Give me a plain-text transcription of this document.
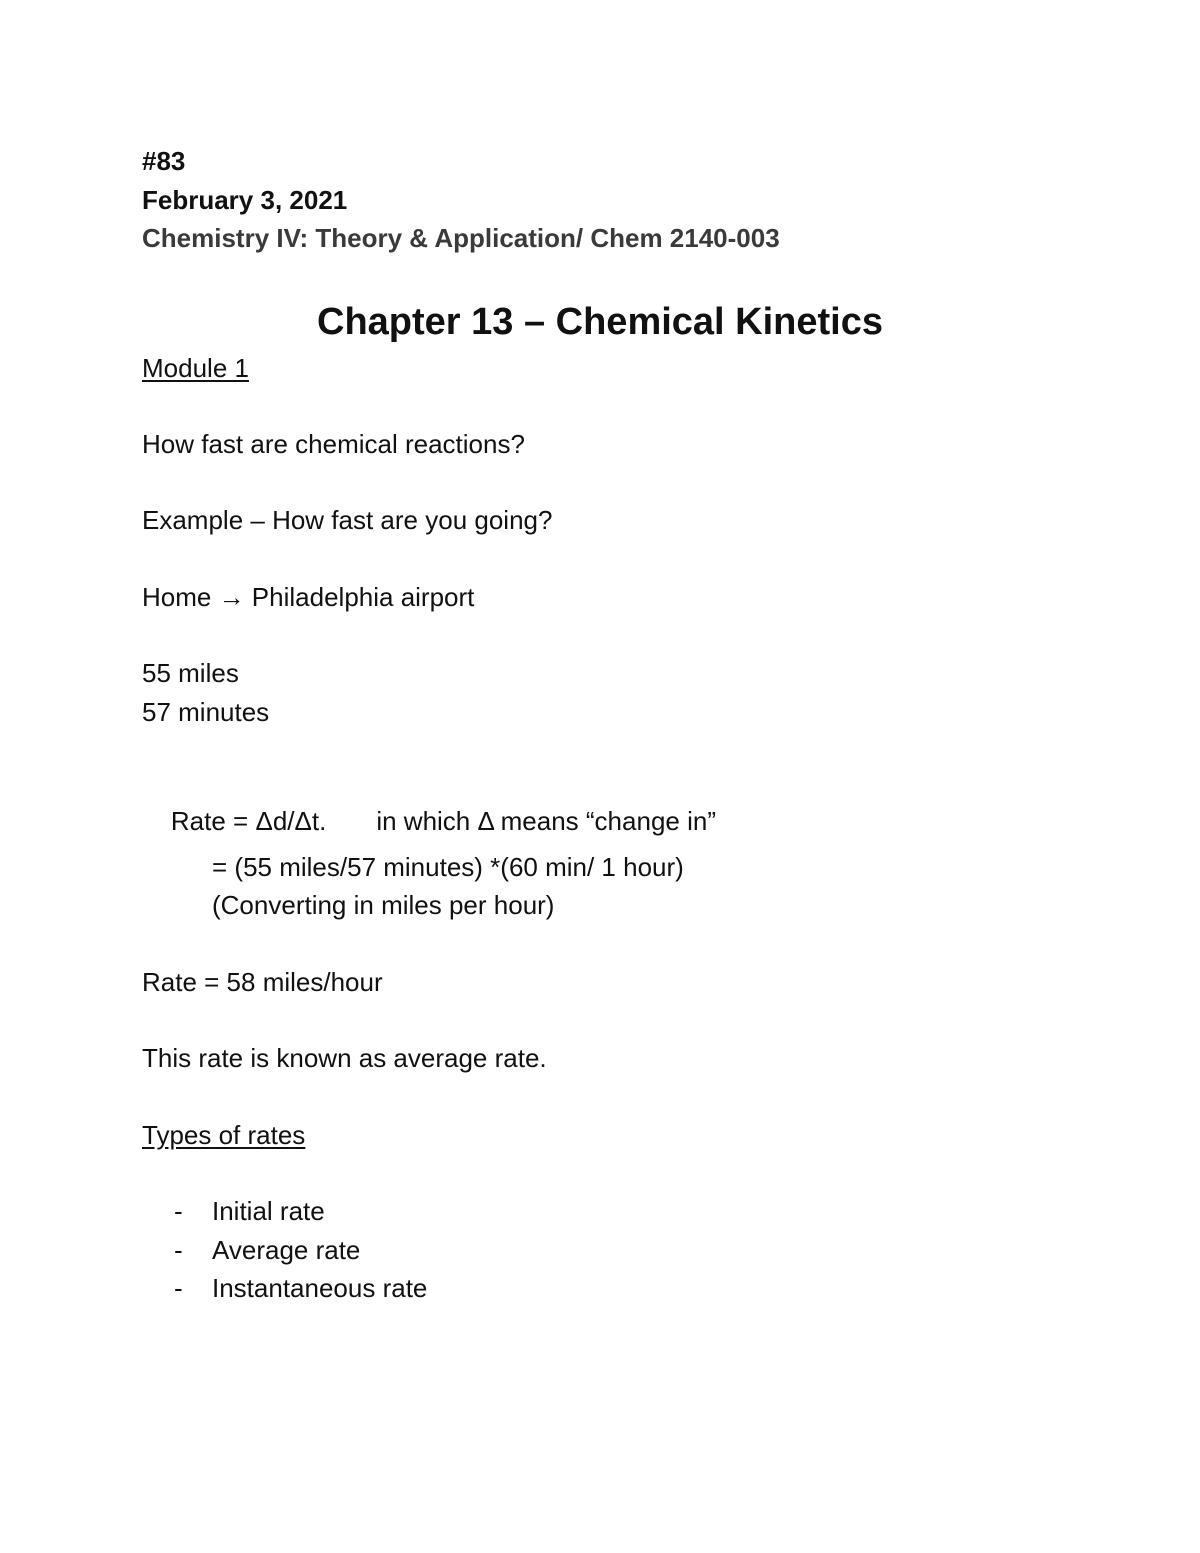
#83
February 3, 2021
Chemistry IV: Theory & Application/ Chem 2140-003
Chapter 13 – Chemical Kinetics
Module 1
How fast are chemical reactions?
Example – How fast are you going?
Home → Philadelphia airport
55 miles
57 minutes

Rate = Δd/Δt. in which Δ means “change in”

= (55 miles/57 minutes) *(60 min/ 1 hour)
(Converting in miles per hour)
Rate = 58 miles/hour
This rate is known as average rate.
Types of rates
- Initial rate
- Average rate
- Instantaneous rate
